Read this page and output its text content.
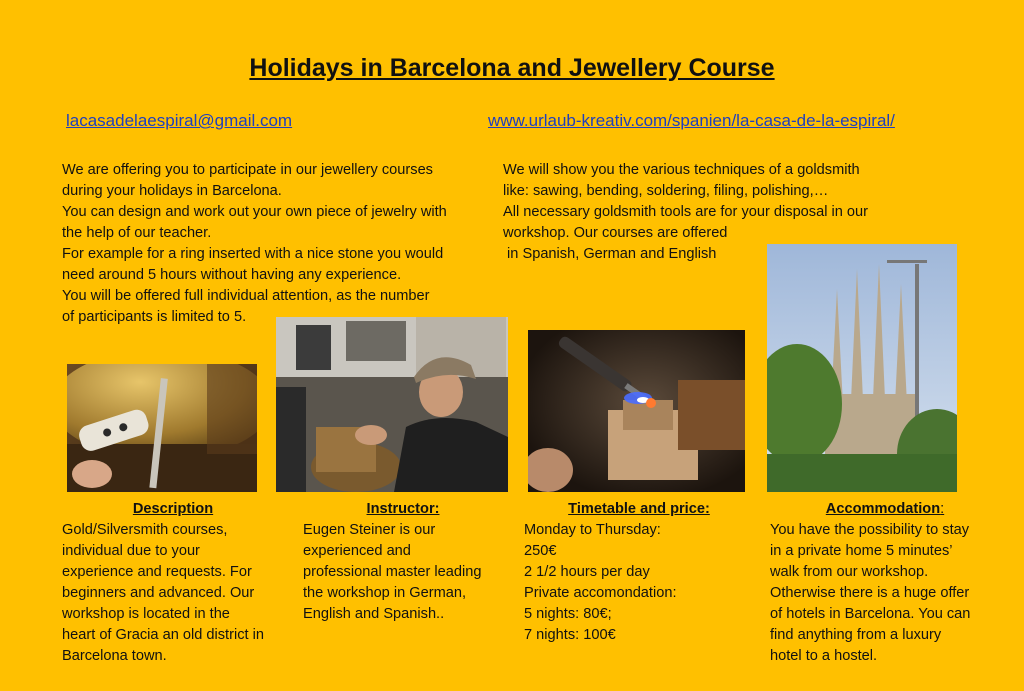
Holidays in Barcelona and Jewellery Course
lacasadelaespiral@gmail.com	www.urlaub-kreativ.com/spanien/la-casa-de-la-espiral/
We are offering you to participate in our jewellery courses
during your holidays in Barcelona.
You can design and work out your own piece of jewelry with
the help of our teacher.
For example for a ring inserted with a nice stone you would
need around 5 hours without having any experience.
You will be offered full individual attention, as the number
of participants is limited to 5.
We will show you the various techniques of a goldsmith
like: sawing, bending, soldering, filing, polishing,…
All necessary goldsmith tools are for your disposal in our
workshop. Our courses are offered
in Spanish, German and English
Description
Gold/Silversmith courses,
individual due to your
experience and requests. For
beginners and advanced. Our
workshop is located in the
heart of Gracia an old district in
Barcelona town.
Instructor:
Eugen Steiner is our
experienced and
professional master leading
the workshop in German,
English and Spanish..
Timetable and price:
Monday to Thursday:
250€
2 1/2 hours per day
Private accomondation:
5 nights: 80€;
7 nights: 100€
Accommodation:
You have the possibility to stay
in a private home 5 minutes’
walk from our workshop.
Otherwise there is a huge offer
of hotels in Barcelona. You can
find anything from a luxury
hotel to a hostel.
